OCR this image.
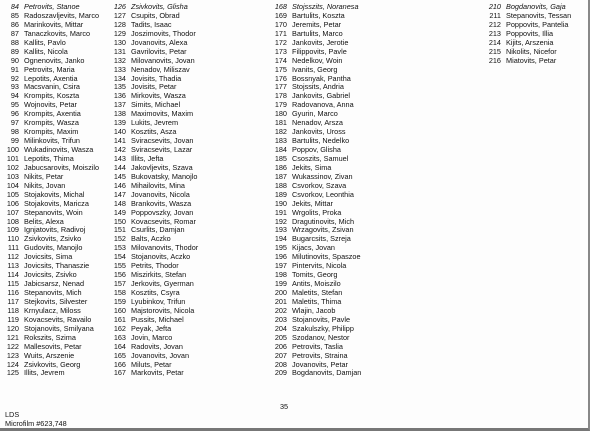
84 Petrovits, Stanoe
85 Radoszavljevits, Marco
86 Marinkovits, Mittar
87 Tanaczkovits, Marco
88 Kallits, Pavlo
89 Kallits, Nicola
90 Ognenovits, Janko
91 Petrovits, Maria
92 Lepotits, Axentia
93 Macsvanin, Csira
94 Krompits, Koszta
95 Wojnovits, Petar
96 Krompits, Axentia
97 Krompits, Wasza
98 Krompits, Maxim
99 Milinkovits, Trifun
100 Wukadinovits, Wasza
101 Lepotits, Thima
102 Jabucsarovits, Moiszilo
103 Nikits, Petar
104 Nikits, Jovan
105 Stojakovits, Michal
106 Stojakovits, Maricza
107 Stepanovits, Woin
108 Belits, Alexa
109 Ignjatovits, Radivoj
110 Zsivkovits, Zsivko
111 Gudovits, Manojlo
112 Jovicsits, Sima
113 Jovicsits, Thanaszie
114 Jovicsits, Zsivko
115 Jabicsarsz, Nenad
116 Stepanovits, Mich
117 Stejkovits, Silvester
118 Krnyulacz, Miloss
119 Kovacsevits, Ravailo
120 Stojanovits, Smilyana
121 Rokszits, Szima
122 Mallesovits, Petar
123 Wuits, Arszenie
124 Zsivkovits, Georg
125 Illits, Jevrem
126 Zsivkovits, Glisha
127 Csupits, Obrad
128 Tadits, Isaac
129 Joszimovits, Thodor
130 Jovanovits, Alexa
131 Gavrilovits, Petar
132 Milovanovits, Jovan
133 Nenadov, Miliszav
134 Jovisits, Thadia
135 Jovisits, Petar
136 Mirkovits, Wasza
137 Simits, Michael
138 Maximovits, Maxim
139 Lukits, Jevrem
140 Kosztits, Asza
141 Sviracsevits, Jovan
142 Sviracsevits, Lazar
143 Illits, Jefta
144 Jakovljevits, Szava
145 Bukovatsky, Manojlo
146 Mihailovits, Mina
147 Jovanovits, Nicola
148 Brankovits, Wasza
149 Poppovszky, Jovan
150 Kovacsevits, Romar
151 Csurlits, Damjan
152 Balts, Aczko
153 Milovanovits, Thodor
154 Stojanovits, Aczko
155 Petrits, Thodor
156 Miszirkits, Stefan
157 Jerkovits, Gyerman
158 Kosztits, Csyra
159 Lyubinkov, Trifun
160 Majstorovits, Nicola
161 Pussits, Michael
162 Peyak, Jefta
163 Jovin, Marco
164 Radovits, Jovan
165 Jovanovits, Jovan
166 Miluts, Petar
167 Markovits, Petar
168 Stojsszits, Noranesa
169 Bartulits, Koszta
170 Jeremits, Petar
171 Bartulits, Marco
172 Jankovits, Jerotie
173 Filippovits, Pavle
174 Nedelkov, Woin
175 Ivanits, Georg
176 Bossnyak, Pantha
177 Stojssits, Andria
178 Jankovits, Gabriel
179 Radovanova, Anna
180 Gyurin, Marco
181 Nenadov, Arsza
182 Jankovits, Uross
183 Bartulits, Nedelko
184 Poppov, Glisha
185 Csoszits, Samuel
186 Jekits, Sima
187 Wukassinov, Zivan
188 Csvorkov, Szava
189 Csvorkov, Leonthia
190 Jekits, Mittar
191 Wrgolits, Proka
192 Dragutinovits, Mich
193 Wrzagovits, Zsivan
194 Bugarcsits, Szreja
195 Kijacs, Jovan
196 Milutinovits, Spaszoe
197 Pintervits, Nicola
198 Tomits, Georg
199 Antits, Moiszilo
200 Maletits, Stefan
201 Maletits, Thima
202 Wlajin, Jacob
203 Stojanovits, Pavle
204 Szakulszky, Philipp
205 Szodanov, Nestor
206 Petrovits, Taslia
207 Petrovits, Straina
208 Jovanovits, Petar
209 Bogdanovits, Damjan
210 Bogdanovits, Gaja
211 Stepanovits, Tessan
212 Poppovits, Pantelia
213 Poppovits, Illia
214 Kijits, Arszenia
215 Nikolits, Nicefor
216 Miatovits, Petar
LDS
Microfilm #623,748
35
